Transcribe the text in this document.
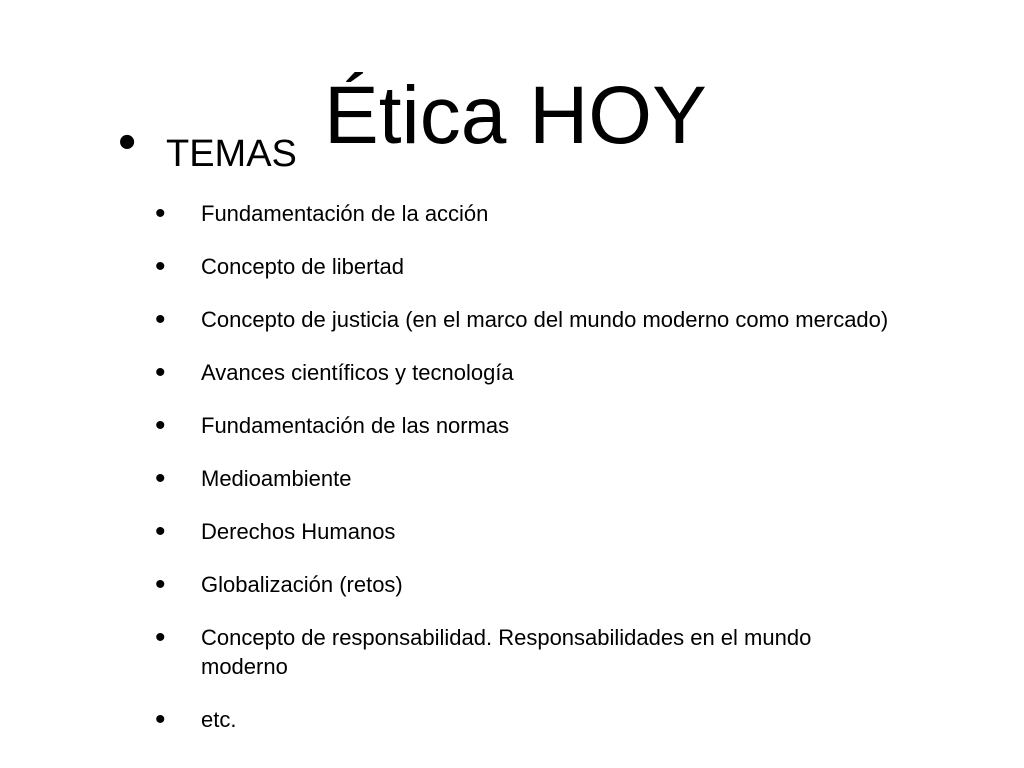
Ética HOY
• TEMAS
• Fundamentación de la acción
• Concepto de libertad
• Concepto de justicia (en el marco del mundo moderno como mercado)
• Avances científicos y tecnología
• Fundamentación de las normas
• Medioambiente
• Derechos Humanos
• Globalización (retos)
• Concepto de responsabilidad. Responsabilidades en el mundo moderno
• etc.
